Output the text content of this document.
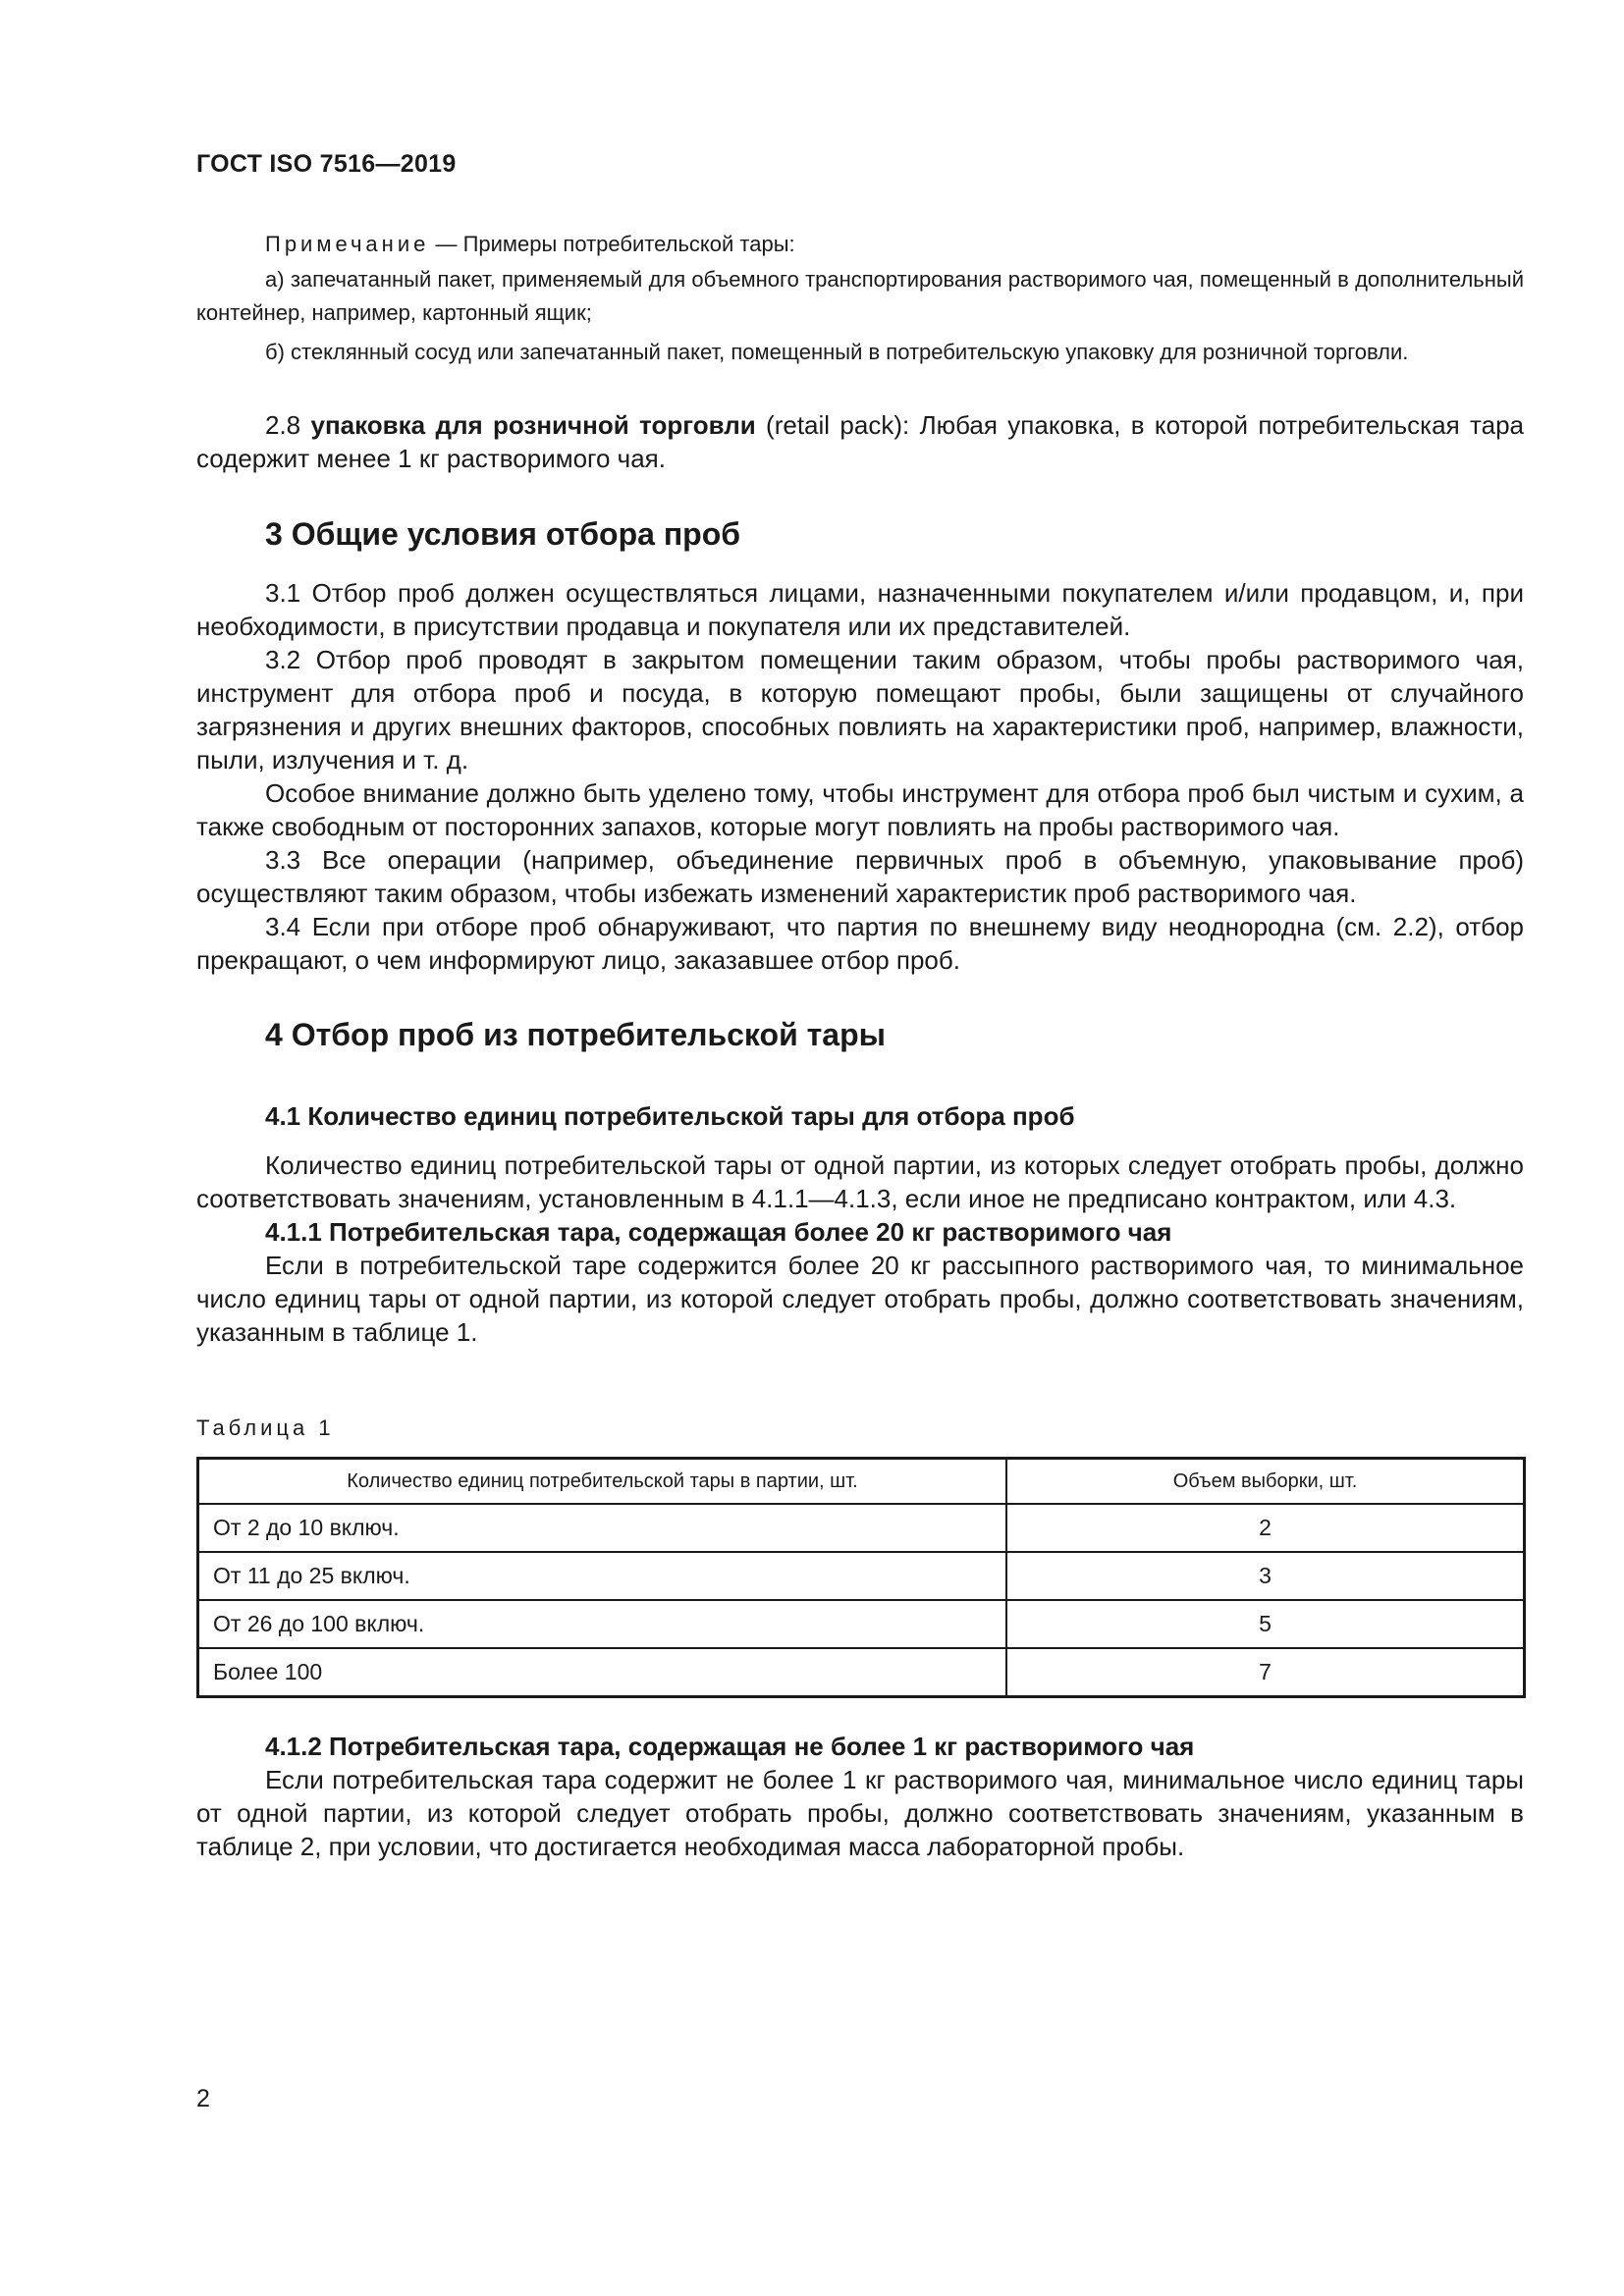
ГОСТ ISO 7516—2019

Примечание — Примеры потребительской тары:

а) запечатанный пакет, применяемый для объемного транспортирования растворимого чая, помещенный в дополнительный контейнер, например, картонный ящик;

б) стеклянный сосуд или запечатанный пакет, помещенный в потребительскую упаковку для розничной торговли.

2.8 упаковка для розничной торговли (retail pack): Любая упаковка, в которой потребительская тара содержит менее 1 кг растворимого чая.

3 Общие условия отбора проб

3.1 Отбор проб должен осуществляться лицами, назначенными покупателем и/или продавцом, и, при необходимости, в присутствии продавца и покупателя или их представителей.

3.2 Отбор проб проводят в закрытом помещении таким образом, чтобы пробы растворимого чая, инструмент для отбора проб и посуда, в которую помещают пробы, были защищены от случайного загрязнения и других внешних факторов, способных повлиять на характеристики проб, например, влажности, пыли, излучения и т. д.

Особое внимание должно быть уделено тому, чтобы инструмент для отбора проб был чистым и сухим, а также свободным от посторонних запахов, которые могут повлиять на пробы растворимого чая.

3.3 Все операции (например, объединение первичных проб в объемную, упаковывание проб) осуществляют таким образом, чтобы избежать изменений характеристик проб растворимого чая.

3.4 Если при отборе проб обнаруживают, что партия по внешнему виду неоднородна (см. 2.2), отбор прекращают, о чем информируют лицо, заказавшее отбор проб.

4 Отбор проб из потребительской тары
4.1 Количество единиц потребительской тары для отбора проб

Количество единиц потребительской тары от одной партии, из которых следует отобрать пробы, должно соответствовать значениям, установленным в 4.1.1—4.1.3, если иное не предписано контрактом, или 4.3.

4.1.1 Потребительская тара, содержащая более 20 кг растворимого чая

Если в потребительской таре содержится более 20 кг рассыпного растворимого чая, то минимальное число единиц тары от одной партии, из которой следует отобрать пробы, должно соответствовать значениям, указанным в таблице 1.

Таблица 1
Количество единиц потребительской тары в партии, шт.	Объем выборки, шт.
От 2 до 10 включ.	2
От 11 до 25 включ.	3
От 26 до 100 включ.	5
Более 100	7

4.1.2 Потребительская тара, содержащая не более 1 кг растворимого чая

Если потребительская тара содержит не более 1 кг растворимого чая, минимальное число единиц тары от одной партии, из которой следует отобрать пробы, должно соответствовать значениям, указанным в таблице 2, при условии, что достигается необходимая масса лабораторной пробы.

2
